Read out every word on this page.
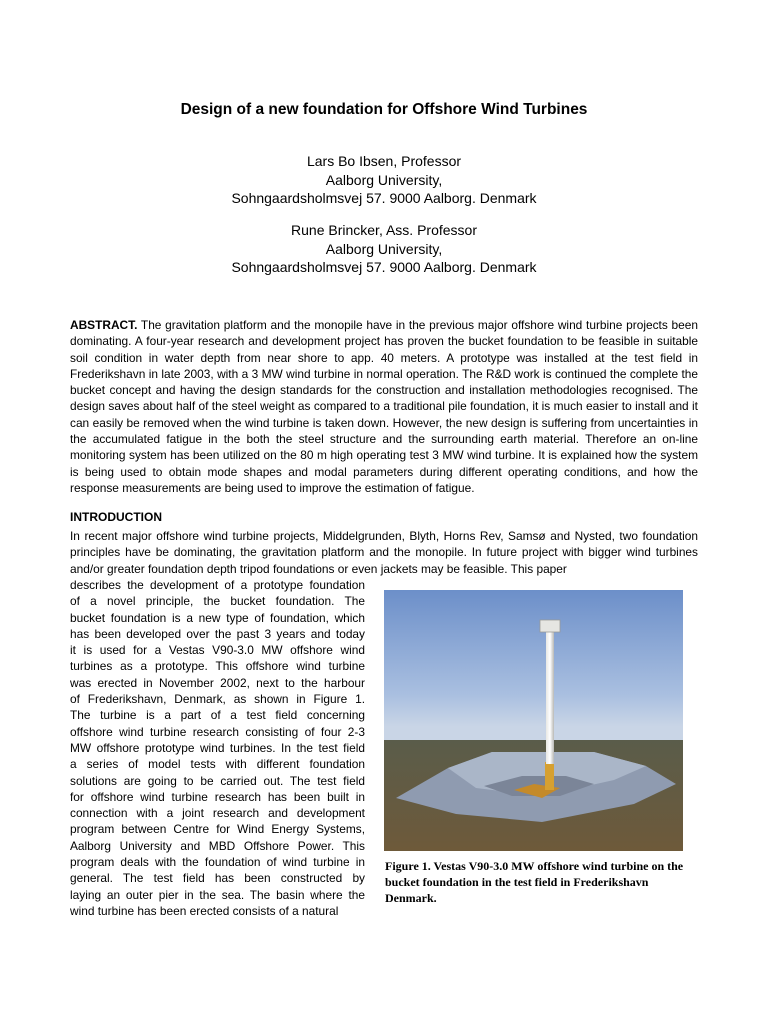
Design of a new foundation for Offshore Wind Turbines
Lars Bo Ibsen, Professor
Aalborg University,
Sohngaardsholmsvej 57. 9000 Aalborg. Denmark
Rune Brincker, Ass. Professor
Aalborg University,
Sohngaardsholmsvej 57. 9000 Aalborg. Denmark
ABSTRACT. The gravitation platform and the monopile have in the previous major offshore wind turbine projects been dominating. A four-year research and development project has proven the bucket foundation to be feasible in suitable soil condition in water depth from near shore to app. 40 meters. A prototype was installed at the test field in Frederikshavn in late 2003, with a 3 MW wind turbine in normal operation. The R&D work is continued the complete the bucket concept and having the design standards for the construction and installation methodologies recognised. The design saves about half of the steel weight as compared to a traditional pile foundation, it is much easier to install and it can easily be removed when the wind turbine is taken down. However, the new design is suffering from uncertainties in the accumulated fatigue in the both the steel structure and the surrounding earth material. Therefore an on-line monitoring system has been utilized on the 80 m high operating test 3 MW wind turbine. It is explained how the system is being used to obtain mode shapes and modal parameters during different operating conditions, and how the response measurements are being used to improve the estimation of fatigue.
INTRODUCTION
In recent major offshore wind turbine projects, Middelgrunden, Blyth, Horns Rev, Samsø and Nysted, two foundation principles have be dominating, the gravitation platform and the monopile. In future project with bigger wind turbines and/or greater foundation depth tripod foundations or even jackets may be feasible. This paper
describes the development of a prototype foundation
of a novel principle, the bucket foundation. The
bucket foundation is a new type of foundation, which
has been developed over the past 3 years and today
it is used for a Vestas V90-3.0 MW offshore wind
turbines as a prototype. This offshore wind turbine
was erected in November 2002, next to the harbour
of Frederikshavn, Denmark, as shown in Figure 1.
The turbine is a part of a test field concerning
offshore wind turbine research consisting of four 2-3
MW offshore prototype wind turbines. In the test field
a series of model tests with different foundation
solutions are going to be carried out. The test field
for offshore wind turbine research has been built in
connection with a joint research and development
program between Centre for Wind Energy Systems,
Aalborg University and MBD Offshore Power. This
program deals with the foundation of wind turbine in
general. The test field has been constructed by
laying an outer pier in the sea. The basin where the
wind turbine has been erected consists of a natural
Figure 1. Vestas V90-3.0 MW offshore wind turbine on the bucket foundation in the test field in Frederikshavn Denmark.
